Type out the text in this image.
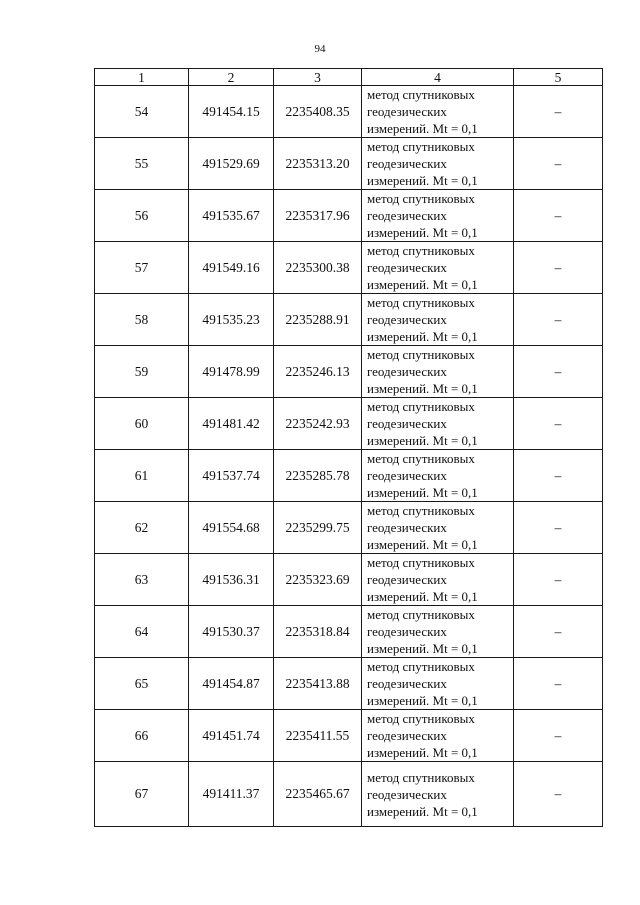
94
1	2	3	4	5
54	491454.15	2235408.35	метод спутниковых
геодезических
измерений. Mt = 0,1	–
55	491529.69	2235313.20	метод спутниковых
геодезических
измерений. Mt = 0,1	–
56	491535.67	2235317.96	метод спутниковых
геодезических
измерений. Mt = 0,1	–
57	491549.16	2235300.38	метод спутниковых
геодезических
измерений. Mt = 0,1	–
58	491535.23	2235288.91	метод спутниковых
геодезических
измерений. Mt = 0,1	–
59	491478.99	2235246.13	метод спутниковых
геодезических
измерений. Mt = 0,1	–
60	491481.42	2235242.93	метод спутниковых
геодезических
измерений. Mt = 0,1	–
61	491537.74	2235285.78	метод спутниковых
геодезических
измерений. Mt = 0,1	–
62	491554.68	2235299.75	метод спутниковых
геодезических
измерений. Mt = 0,1	–
63	491536.31	2235323.69	метод спутниковых
геодезических
измерений. Mt = 0,1	–
64	491530.37	2235318.84	метод спутниковых
геодезических
измерений. Mt = 0,1	–
65	491454.87	2235413.88	метод спутниковых
геодезических
измерений. Mt = 0,1	–
66	491451.74	2235411.55	метод спутниковых
геодезических
измерений. Mt = 0,1	–
67	491411.37	2235465.67	метод спутниковых
геодезических
измерений. Mt = 0,1	–
